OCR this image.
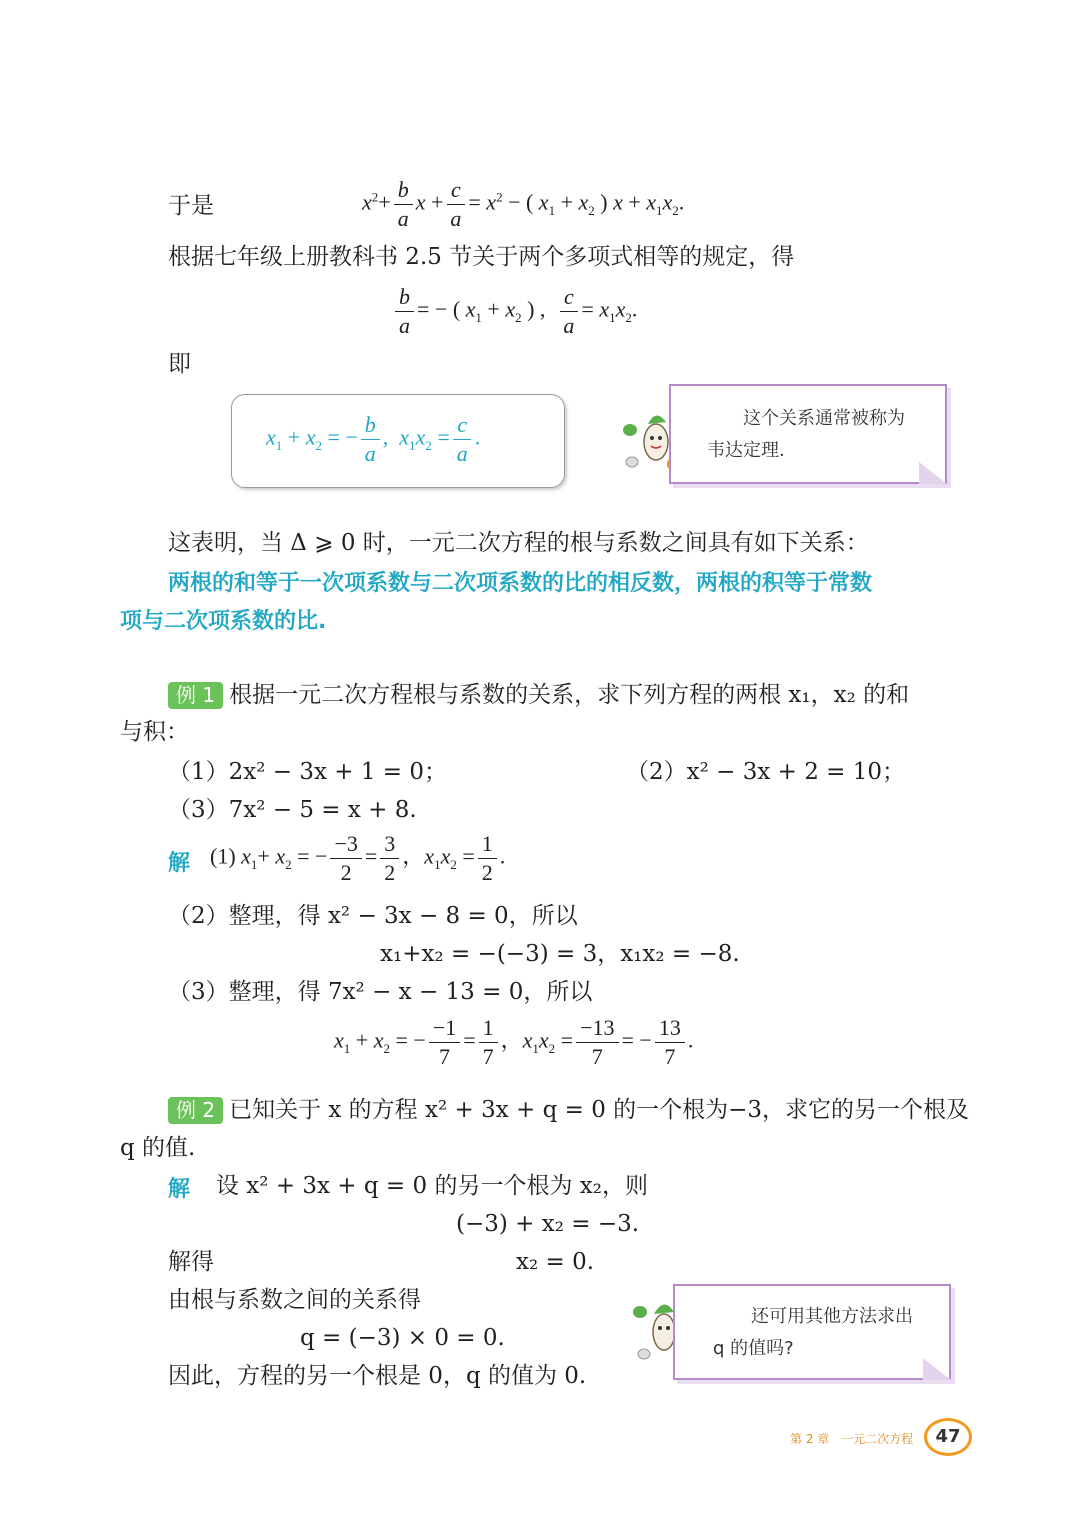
于是	$x^2+ \frac{b}{a}$ $x + \frac{c}{a} = x^2$ − ( $x_1 + x_2$ ) $x + x_1x_2$.
根据七年级上册教科书 2.5 节关于两个多项式相等的规定，得
$\frac{b}{a}$ = − ( $x_1 + x_2$ ) , $\frac{c}{a} = x_1x_2$.
即
$x_1 + x_2$ = − $\frac{b}{a}$ ,  $x_1x_2 = \frac{c}{a}$ .
这个关系通常被称为
韦达定理.
这表明，当 Δ ⩾ 0 时，一元二次方程的根与系数之间具有如下关系：
两根的和等于一次项系数与二次项系数的比的相反数，两根的积等于常数
项与二次项系数的比.
例 1 根据一元二次方程根与系数的关系，求下列方程的两根 x₁，x₂ 的和
与积：
（1）2x² − 3x + 1 = 0；	（2）x² − 3x + 2 = 10；
（3）7x² − 5 = x + 8.
解 (1) $x_1+ x_2$ = − $\frac{-3}{2} = \frac{3}{2}$ ，$x_1x_2 = \frac{1}{2}$ .
（2）整理，得 x² − 3x − 8 = 0，所以
x₁+x₂ = −(−3) = 3，x₁x₂ = −8.
（3）整理，得 7x² − x − 13 = 0，所以
$x_1 + x_2$ = − $\frac{-1}{7} = \frac{1}{7}$ ，$x_1x_2 = \frac{-13}{7}$ = − $\frac{13}{7}$ .
例 2 已知关于 x 的方程 x² + 3x + q = 0 的一个根为−3，求它的另一个根及
q 的值.
解 设 x² + 3x + q = 0 的另一个根为 x₂，则
(−3) + x₂ = −3.
解得	x₂ = 0.
由根与系数之间的关系得
q = (−3) × 0 = 0.
因此，方程的另一个根是 0，q 的值为 0.
还可用其他方法求出
q 的值吗?
第 2 章　一元二次方程	47
